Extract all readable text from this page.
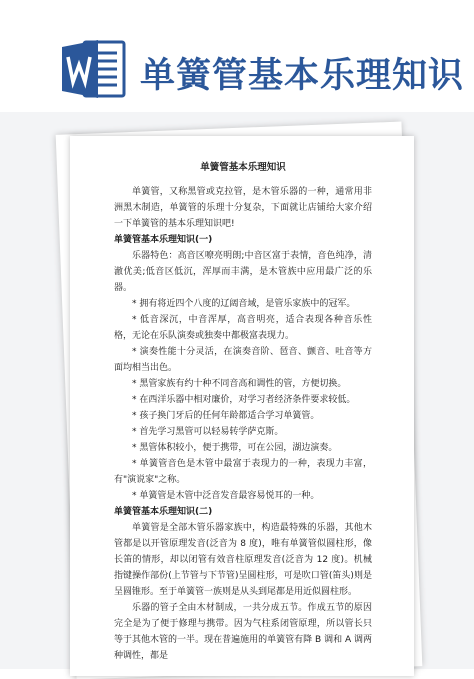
单簧管基本乐理知识
单簧管基本乐理知识

单簧管，又称黑管或克拉管，是木管乐器的一种，通常用非洲黑木制造，单簧管的乐理十分复杂，下面就让店铺给大家介绍一下单簧管的基本乐理知识吧!

单簧管基本乐理知识(一)

乐器特色：高音区嘹亮明朗;中音区富于表情，音色纯净，清澈优美;低音区低沉，浑厚而丰满，是木管族中应用最广泛的乐器。

* 拥有将近四个八度的辽阔音域，是管乐家族中的冠军。

* 低音深沉，中音浑厚，高音明亮，适合表现各种音乐性格，无论在乐队演奏或独奏中都极富表现力。

* 演奏性能十分灵活，在演奏音阶、琶音、颤音、吐音等方面均相当出色。

* 黑管家族有约十种不同音高和调性的管，方便切换。

* 在西洋乐器中相对廉价，对学习者经济条件要求较低。

* 孩子换门牙后的任何年龄都适合学习单簧管。

* 首先学习黑管可以轻易转学萨克斯。

* 黑管体积较小，便于携带，可在公园，湖边演奏。

* 单簧管音色是木管中最富于表现力的一种，表现力丰富，有"演说家"之称。

* 单簧管是木管中泛音发音最容易悦耳的一种。

单簧管基本乐理知识(二)

单簧管是全部木管乐器家族中，构造最特殊的乐器，其他木管都是以开管原理发音(泛音为 8 度)，唯有单簧管似圆柱形，像长笛的情形，却以闭管有效音柱原理发音(泛音为 12 度)。机械指键操作部份(上节管与下节管)呈圆柱形，可是吹口管(笛头)则是呈圆锥形。至于单簧管一族则是从头到尾都是用近似圆柱形。

乐器的管子全由木材制成，一共分成五节。作成五节的原因完全是为了便于修理与携带。因为气柱系闭管原理，所以管长只等于其他木管的一半。现在普遍施用的单簧管有降 B 调和 A 调两种调性，都是
